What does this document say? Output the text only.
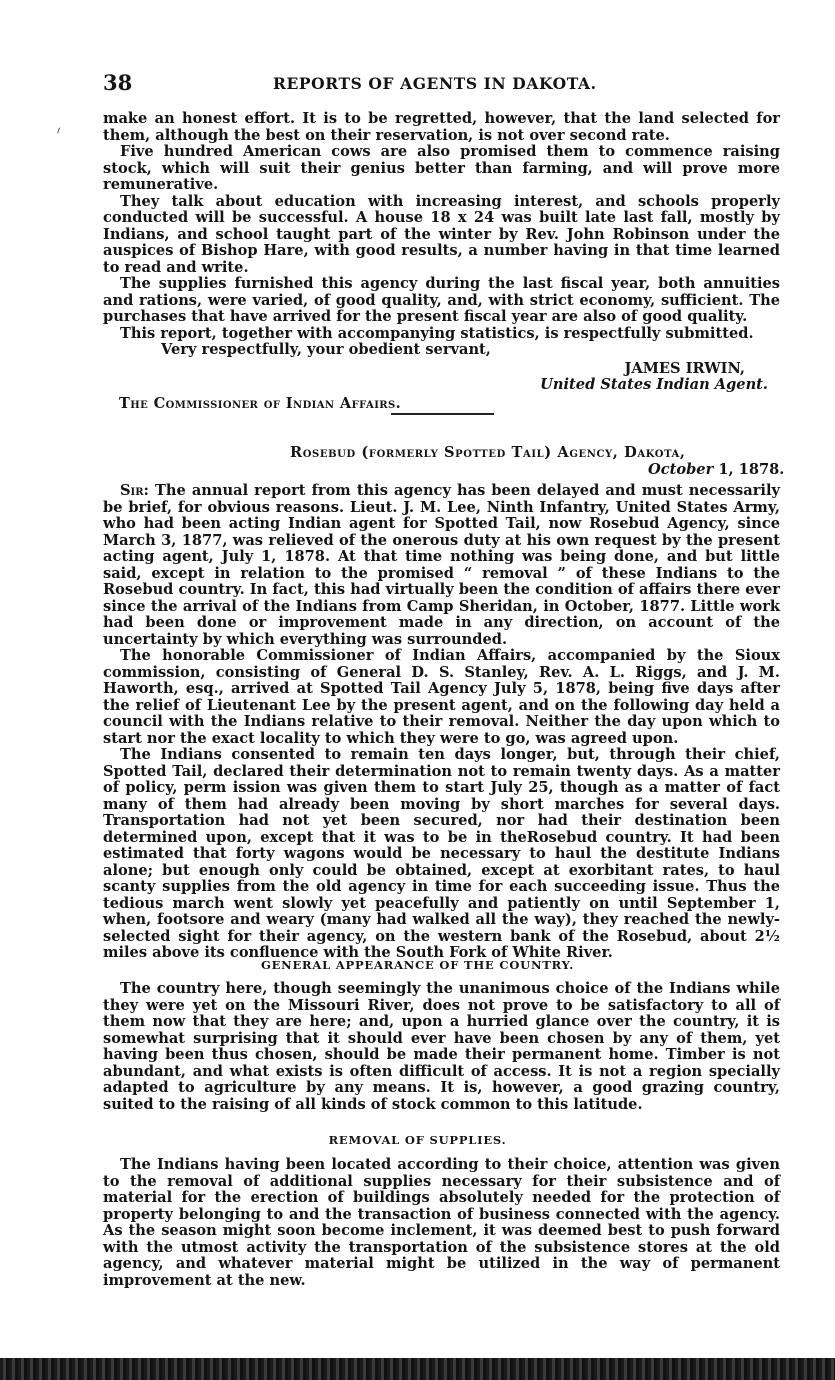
38	REPORTS OF AGENTS IN DAKOTA.

make an honest effort. It is to be regretted, however, that the land selected for them, although the best on their reservation, is not over second rate.

Five hundred American cows are also promised them to commence raising stock, which will suit their genius better than farming, and will prove more remunerative.

They talk about education with increasing interest, and schools properly conducted will be successful. A house 18 x 24 was built late last fall, mostly by Indians, and school taught part of the winter by Rev. John Robinson under the auspices of Bishop Hare, with good results, a number having in that time learned to read and write.

The supplies furnished this agency during the last fiscal year, both annuities and rations, were varied, of good quality, and, with strict economy, sufficient. The purchases that have arrived for the present fiscal year are also of good quality.

This report, together with accompanying statistics, is respectfully submitted.

Very respectfully, your obedient servant,

JAMES IRWIN,

United States Indian Agent.

The Commissioner of Indian Affairs.

Rosebud (formerly Spotted Tail) Agency, Dakota,
October 1, 1878.

Sir: The annual report from this agency has been delayed and must necessarily be brief, for obvious reasons. Lieut. J. M. Lee, Ninth Infantry, United States Army, who had been acting Indian agent for Spotted Tail, now Rosebud Agency, since March 3, 1877, was relieved of the onerous duty at his own request by the present acting agent, July 1, 1878. At that time nothing was being done, and but little said, except in relation to the promised “ removal ” of these Indians to the Rosebud country. In fact, this had virtually been the condition of affairs there ever since the arrival of the Indians from Camp Sheridan, in October, 1877. Little work had been done or improvement made in any direction, on account of the uncertainty by which everything was surrounded.

The honorable Commissioner of Indian Affairs, accompanied by the Sioux commission, consisting of General D. S. Stanley, Rev. A. L. Riggs, and J. M. Haworth, esq., arrived at Spotted Tail Agency July 5, 1878, being five days after the relief of Lieutenant Lee by the present agent, and on the following day held a council with the Indians relative to their removal. Neither the day upon which to start nor the exact locality to which they were to go, was agreed upon.

The Indians consented to remain ten days longer, but, through their chief, Spotted Tail, declared their determination not to remain twenty days. As a matter of policy, perm ission was given them to start July 25, though as a matter of fact many of them had already been moving by short marches for several days. Transportation had not yet been secured, nor had their destination been determined upon, except that it was to be in theRosebud country. It had been estimated that forty wagons would be necessary to haul the destitute Indians alone; but enough only could be obtained, except at exorbitant rates, to haul scanty supplies from the old agency in time for each succeeding issue. Thus the tedious march went slowly yet peacefully and patiently on until September 1, when, footsore and weary (many had walked all the way), they reached the newly-selected sight for their agency, on the western bank of the Rosebud, about 2½ miles above its confluence with the South Fork of White River.

GENERAL APPEARANCE OF THE COUNTRY.

The country here, though seemingly the unanimous choice of the Indians while they were yet on the Missouri River, does not prove to be satisfactory to all of them now that they are here; and, upon a hurried glance over the country, it is somewhat surprising that it should ever have been chosen by any of them, yet having been thus chosen, should be made their permanent home. Timber is not abundant, and what exists is often difficult of access. It is not a region specially adapted to agriculture by any means. It is, however, a good grazing country, suited to the raising of all kinds of stock common to this latitude.

REMOVAL OF SUPPLIES.

The Indians having been located according to their choice, attention was given to the removal of additional supplies necessary for their subsistence and of material for the erection of buildings absolutely needed for the protection of property belonging to and the transaction of business connected with the agency. As the season might soon become inclement, it was deemed best to push forward with the utmost activity the transportation of the subsistence stores at the old agency, and whatever material might be utilized in the way of permanent improvement at the new.
